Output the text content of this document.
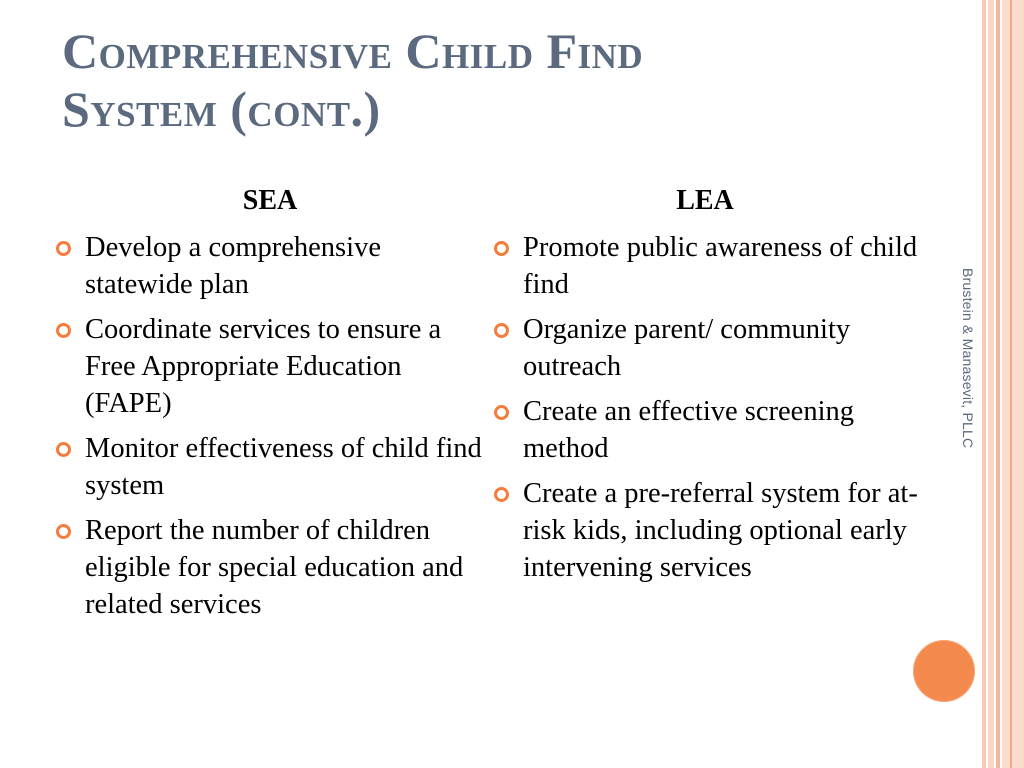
Comprehensive Child Find
System (cont.)
SEA	LEA
Develop a comprehensive statewide plan
Coordinate services to ensure a Free Appropriate Education (FAPE)
Monitor effectiveness of child find system
Report the number of children eligible for special education and related services
Promote public awareness of child find
Organize parent/ community outreach
Create an effective screening method
Create a pre-referral system for at-risk kids, including optional early intervening services
Brustein & Manasevit, PLLC
